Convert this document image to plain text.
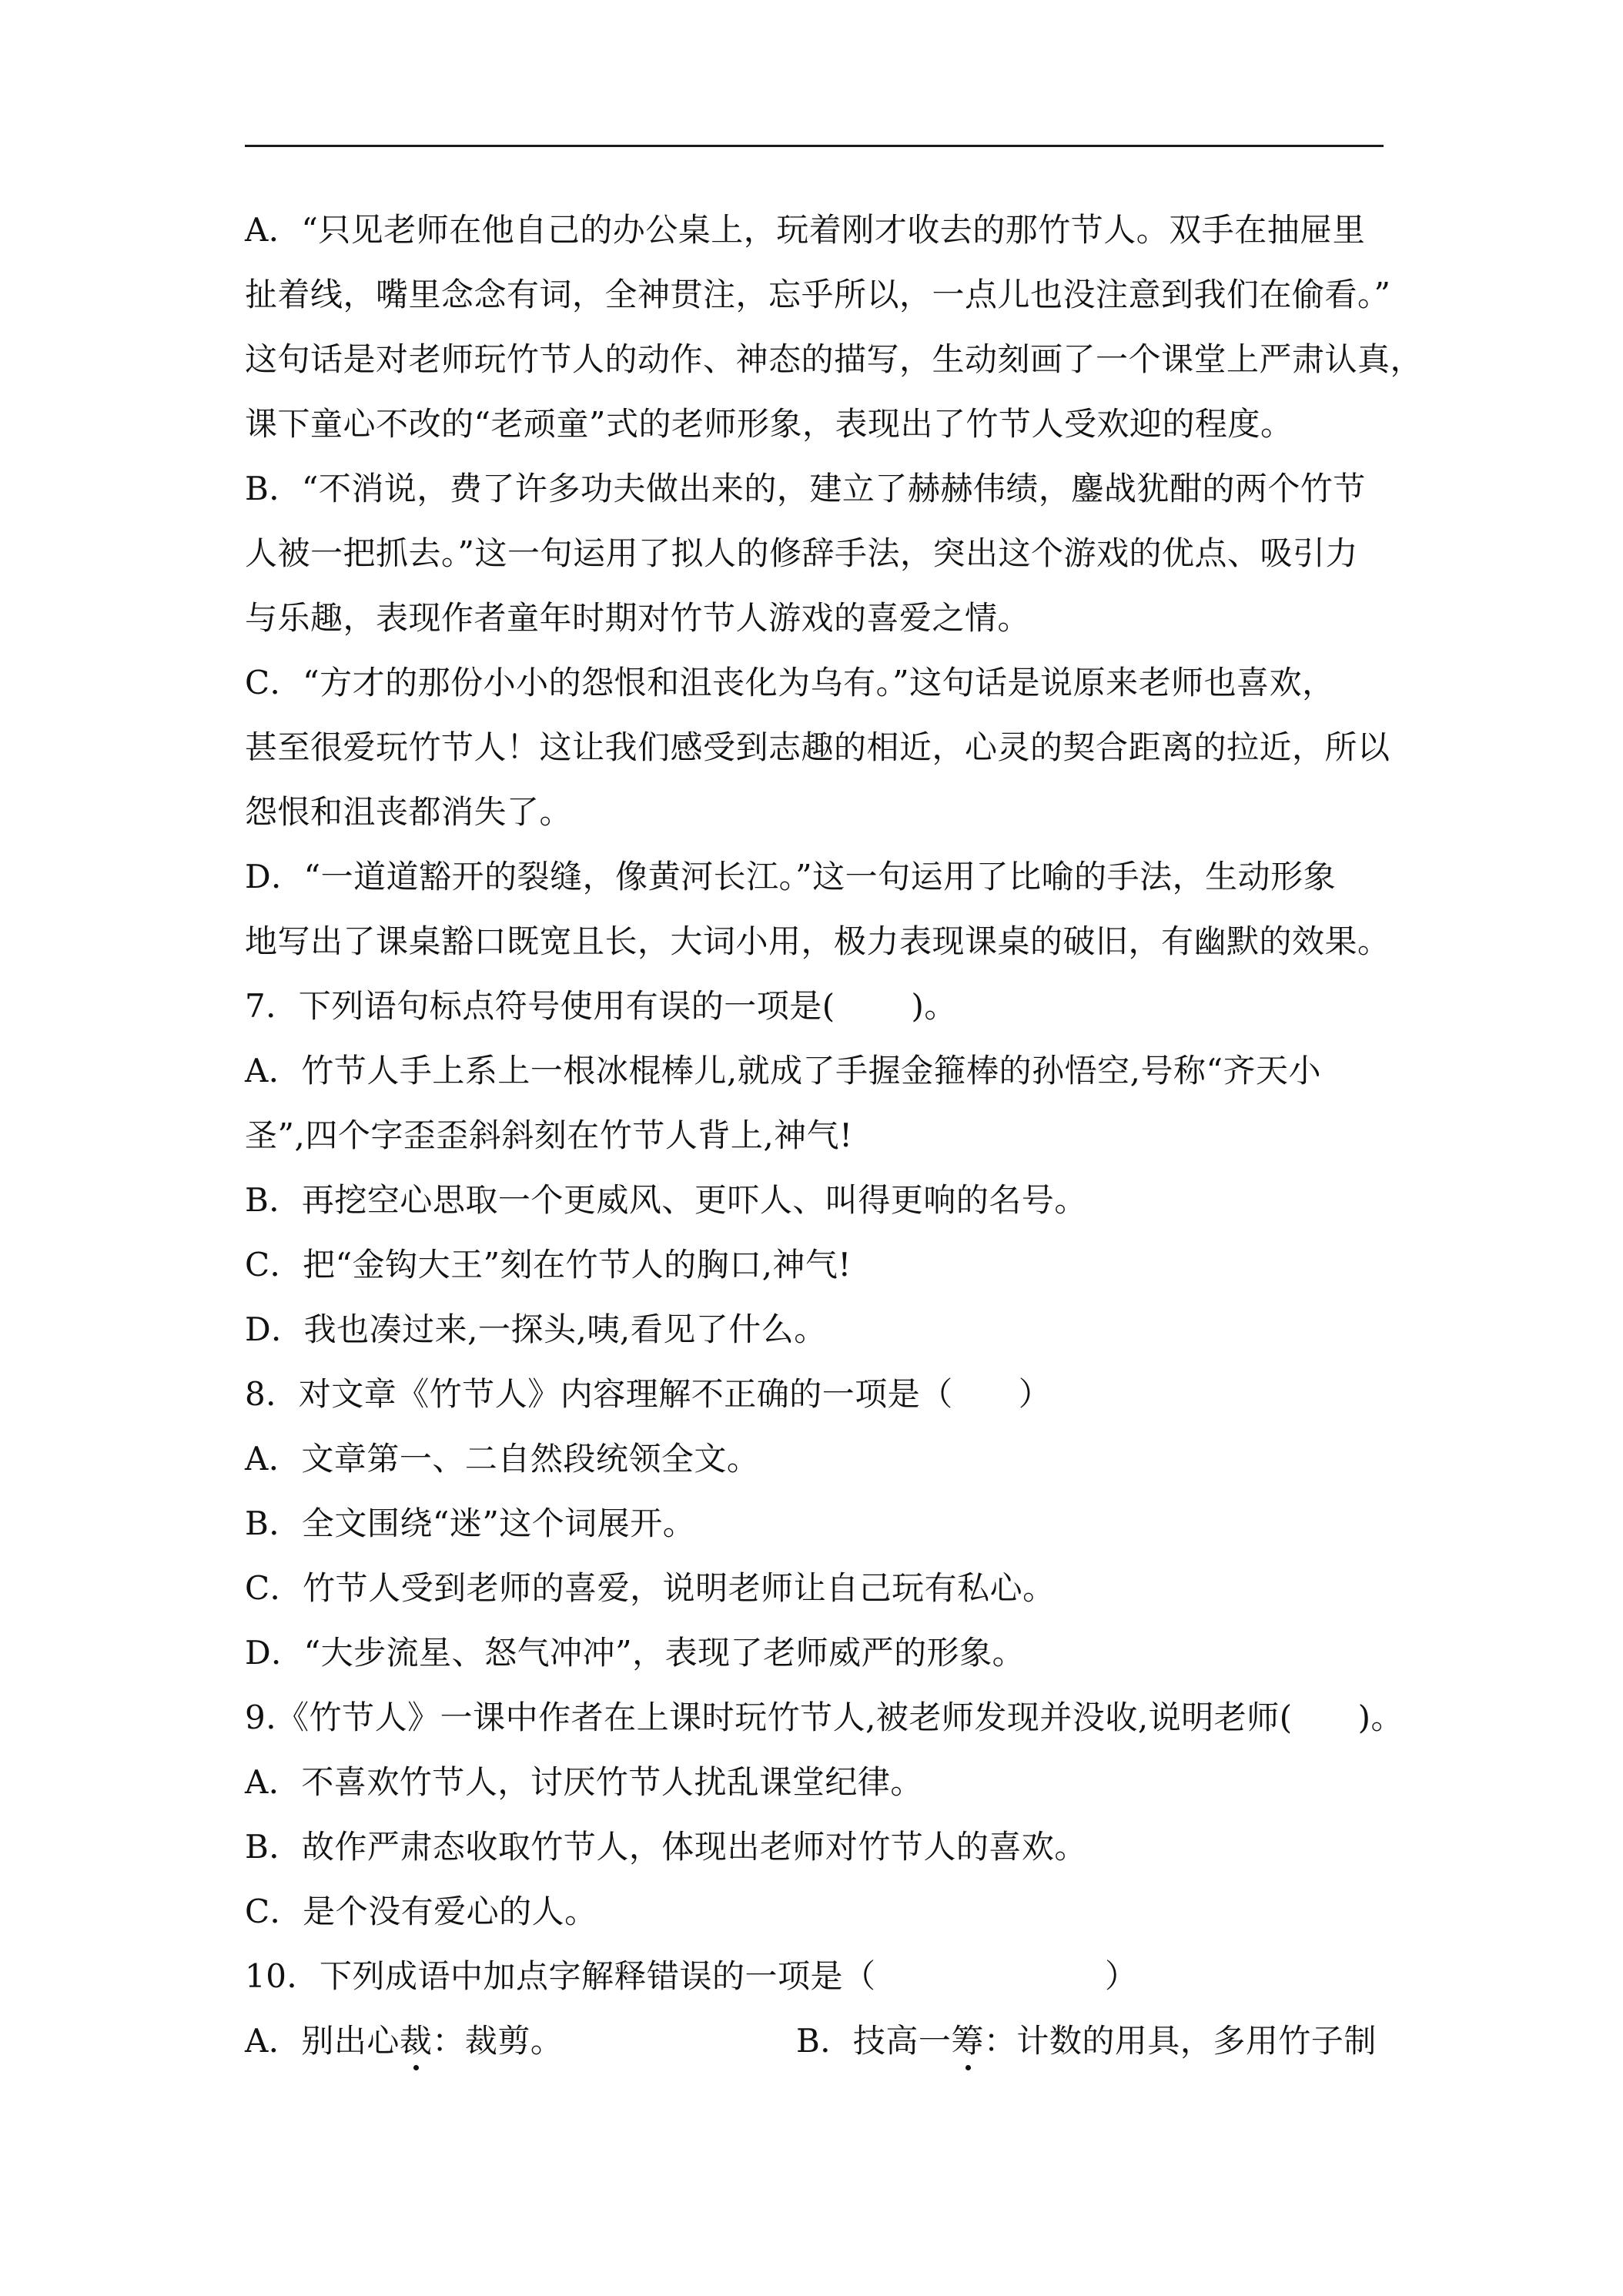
A．“只见老师在他自己的办公桌上，玩着刚才收去的那竹节人。双手在抽屉里
扯着线，嘴里念念有词，全神贯注，忘乎所以，一点儿也没注意到我们在偷看。”
这句话是对老师玩竹节人的动作、神态的描写，生动刻画了一个课堂上严肃认真，
课下童心不改的“老顽童”式的老师形象，表现出了竹节人受欢迎的程度。
B．“不消说，费了许多功夫做出来的，建立了赫赫伟绩，鏖战犹酣的两个竹节
人被一把抓去。”这一句运用了拟人的修辞手法，突出这个游戏的优点、吸引力
与乐趣，表现作者童年时期对竹节人游戏的喜爱之情。
C．“方才的那份小小的怨恨和沮丧化为乌有。”这句话是说原来老师也喜欢，
甚至很爱玩竹节人！这让我们感受到志趣的相近，心灵的契合距离的拉近，所以
怨恨和沮丧都消失了。
D．“一道道豁开的裂缝，像黄河长江。”这一句运用了比喻的手法，生动形象
地写出了课桌豁口既宽且长，大词小用，极力表现课桌的破旧，有幽默的效果。
7．下列语句标点符号使用有误的一项是(　　 )。
A．竹节人手上系上一根冰棍棒儿,就成了手握金箍棒的孙悟空,号称“齐天小
圣”,四个字歪歪斜斜刻在竹节人背上,神气!
B．再挖空心思取一个更威风、更吓人、叫得更响的名号。
C．把“金钩大王”刻在竹节人的胸口,神气!
D．我也凑过来,一探头,咦,看见了什么。
8．对文章《竹节人》内容理解不正确的一项是（　　）
A．文章第一、二自然段统领全文。
B．全文围绕“迷”这个词展开。
C．竹节人受到老师的喜爱，说明老师让自己玩有私心。
D．“大步流星、怒气冲冲”，表现了老师威严的形象。
9.《竹节人》一课中作者在上课时玩竹节人,被老师发现并没收,说明老师(　　)。
A．不喜欢竹节人，讨厌竹节人扰乱课堂纪律。
B．故作严肃态收取竹节人，体现出老师对竹节人的喜欢。
C．是个没有爱心的人。
10．下列成语中加点字解释错误的一项是（　　　　　　　）
A．别出心裁
：裁剪。	B．技高一筹
：计数的用具，多用竹子制
